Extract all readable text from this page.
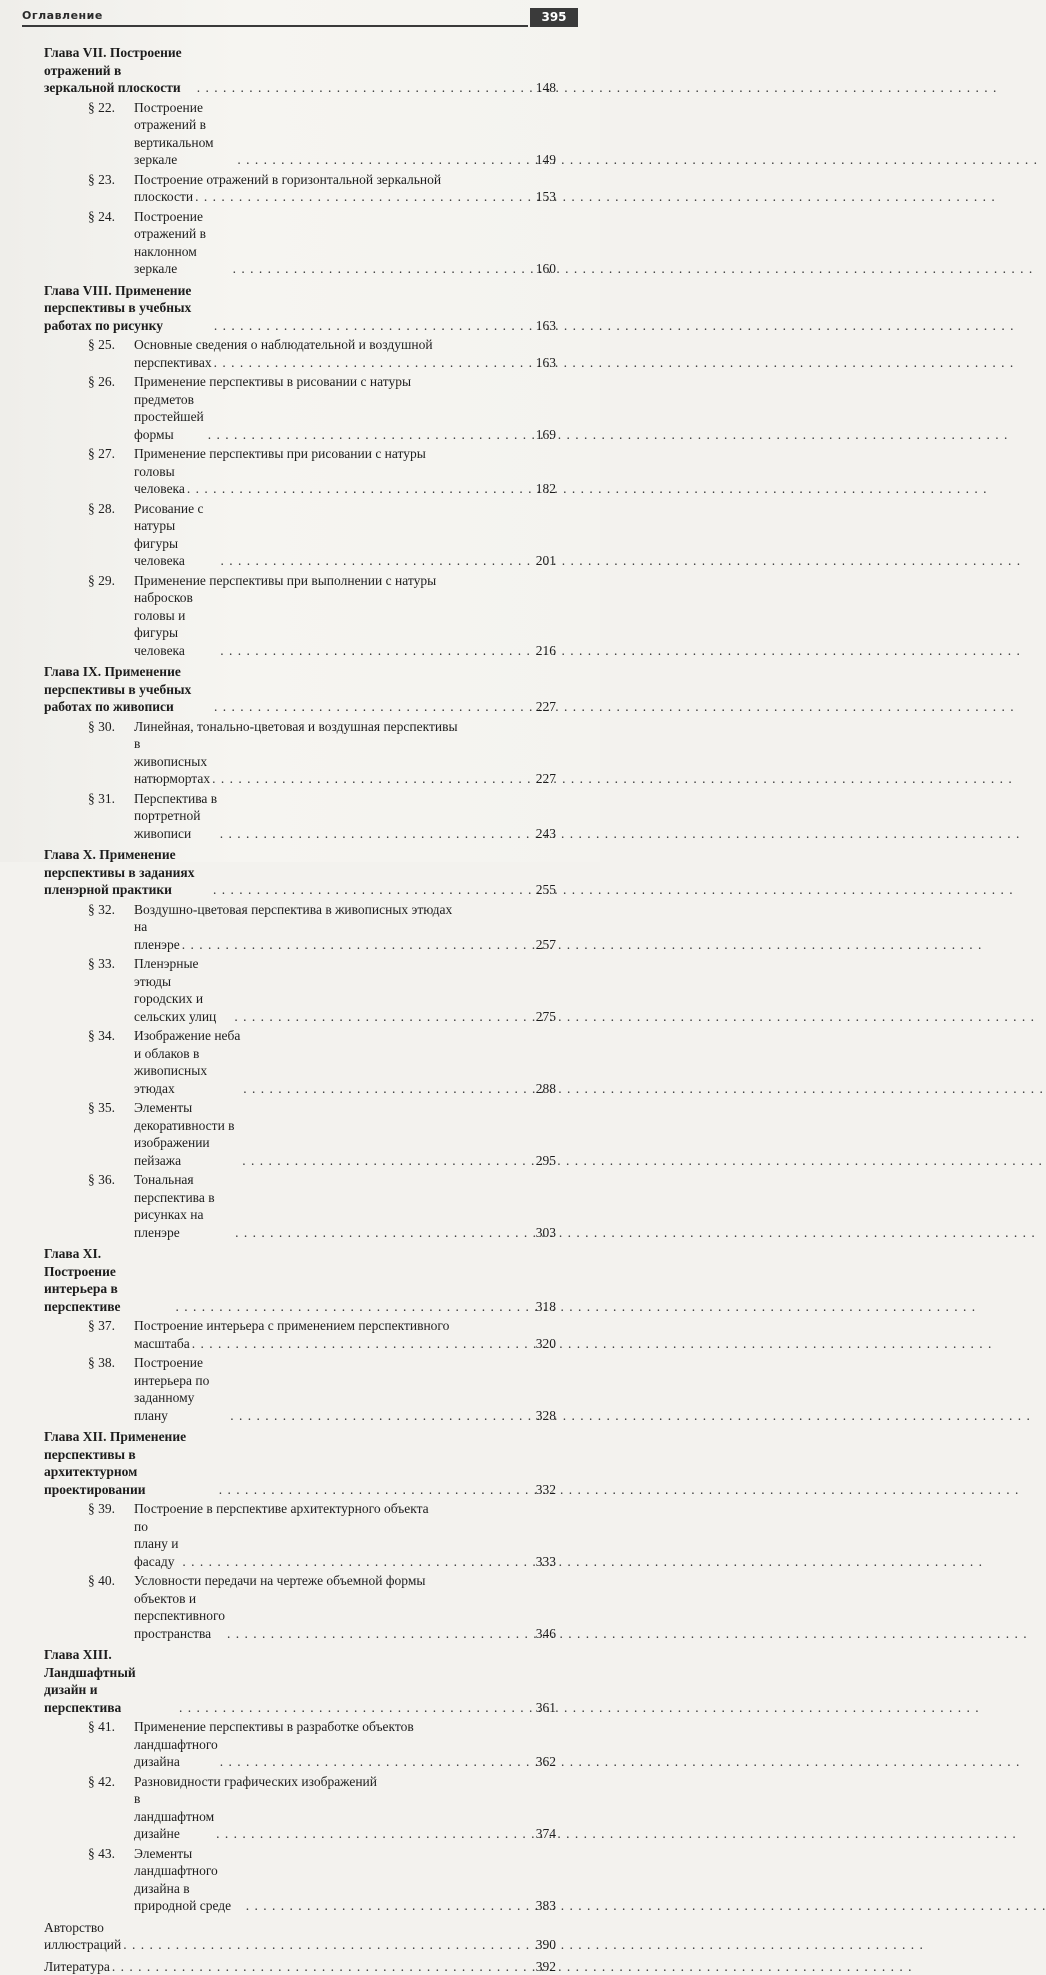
Оглавление	395
Глава VII. Построение отражений в зеркальной плоскости . . .	148
§ 22.	Построение отражений в вертикальном зеркале . . .	149
§ 23.	Построение отражений в горизонтальной зеркальной
плоскости . . .	153
§ 24.	Построение отражений в наклонном зеркале . . .	160
Глава VIII. Применение перспективы в учебных работах по рисунку . . .	163
§ 25.	Основные сведения о наблюдательной и воздушной
перспективах . . .	163
§ 26.	Применение перспективы в рисовании с натуры
предметов простейшей формы . . .	169
§ 27.	Применение перспективы при рисовании с натуры
головы человека . . .	182
§ 28.	Рисование с натуры фигуры человека . . .	201
§ 29.	Применение перспективы при выполнении с натуры
набросков головы и фигуры человека . . .	216
Глава IX. Применение перспективы в учебных работах по живописи . . .	227
§ 30.	Линейная, тонально-цветовая и воздушная перспективы
в живописных натюрмортах . . .	227
§ 31.	Перспектива в портретной живописи . . .	243
Глава X. Применение перспективы в заданиях пленэрной практики . . .	255
§ 32.	Воздушно-цветовая перспектива в живописных этюдах
на пленэре . . .	257
§ 33.	Пленэрные этюды городских и сельских улиц . . .	275
§ 34.	Изображение неба и облаков в живописных этюдах . . .	288
§ 35.	Элементы декоративности в изображении пейзажа . . .	295
§ 36.	Тональная перспектива в рисунках на пленэре . . .	303
Глава XI. Построение интерьера в перспективе . . .	318
§ 37.	Построение интерьера с применением перспективного
масштаба . . .	320
§ 38.	Построение интерьера по заданному плану . . .	328
Глава XII. Применение перспективы в архитектурном проектировании . . .	332
§ 39.	Построение в перспективе архитектурного объекта
по плану и фасаду . . .	333
§ 40.	Условности передачи на чертеже объемной формы
объектов и перспективного пространства . . .	346
Глава XIII. Ландшафтный дизайн и перспектива . . .	361
§ 41.	Применение перспективы в разработке объектов
ландшафтного дизайна . . .	362
§ 42.	Разновидности графических изображений
в ландшафтном дизайне . . .	374
§ 43.	Элементы ландшафтного дизайна в природной среде . . .	383
Авторство иллюстраций . . .	390
Литература . . .	392
